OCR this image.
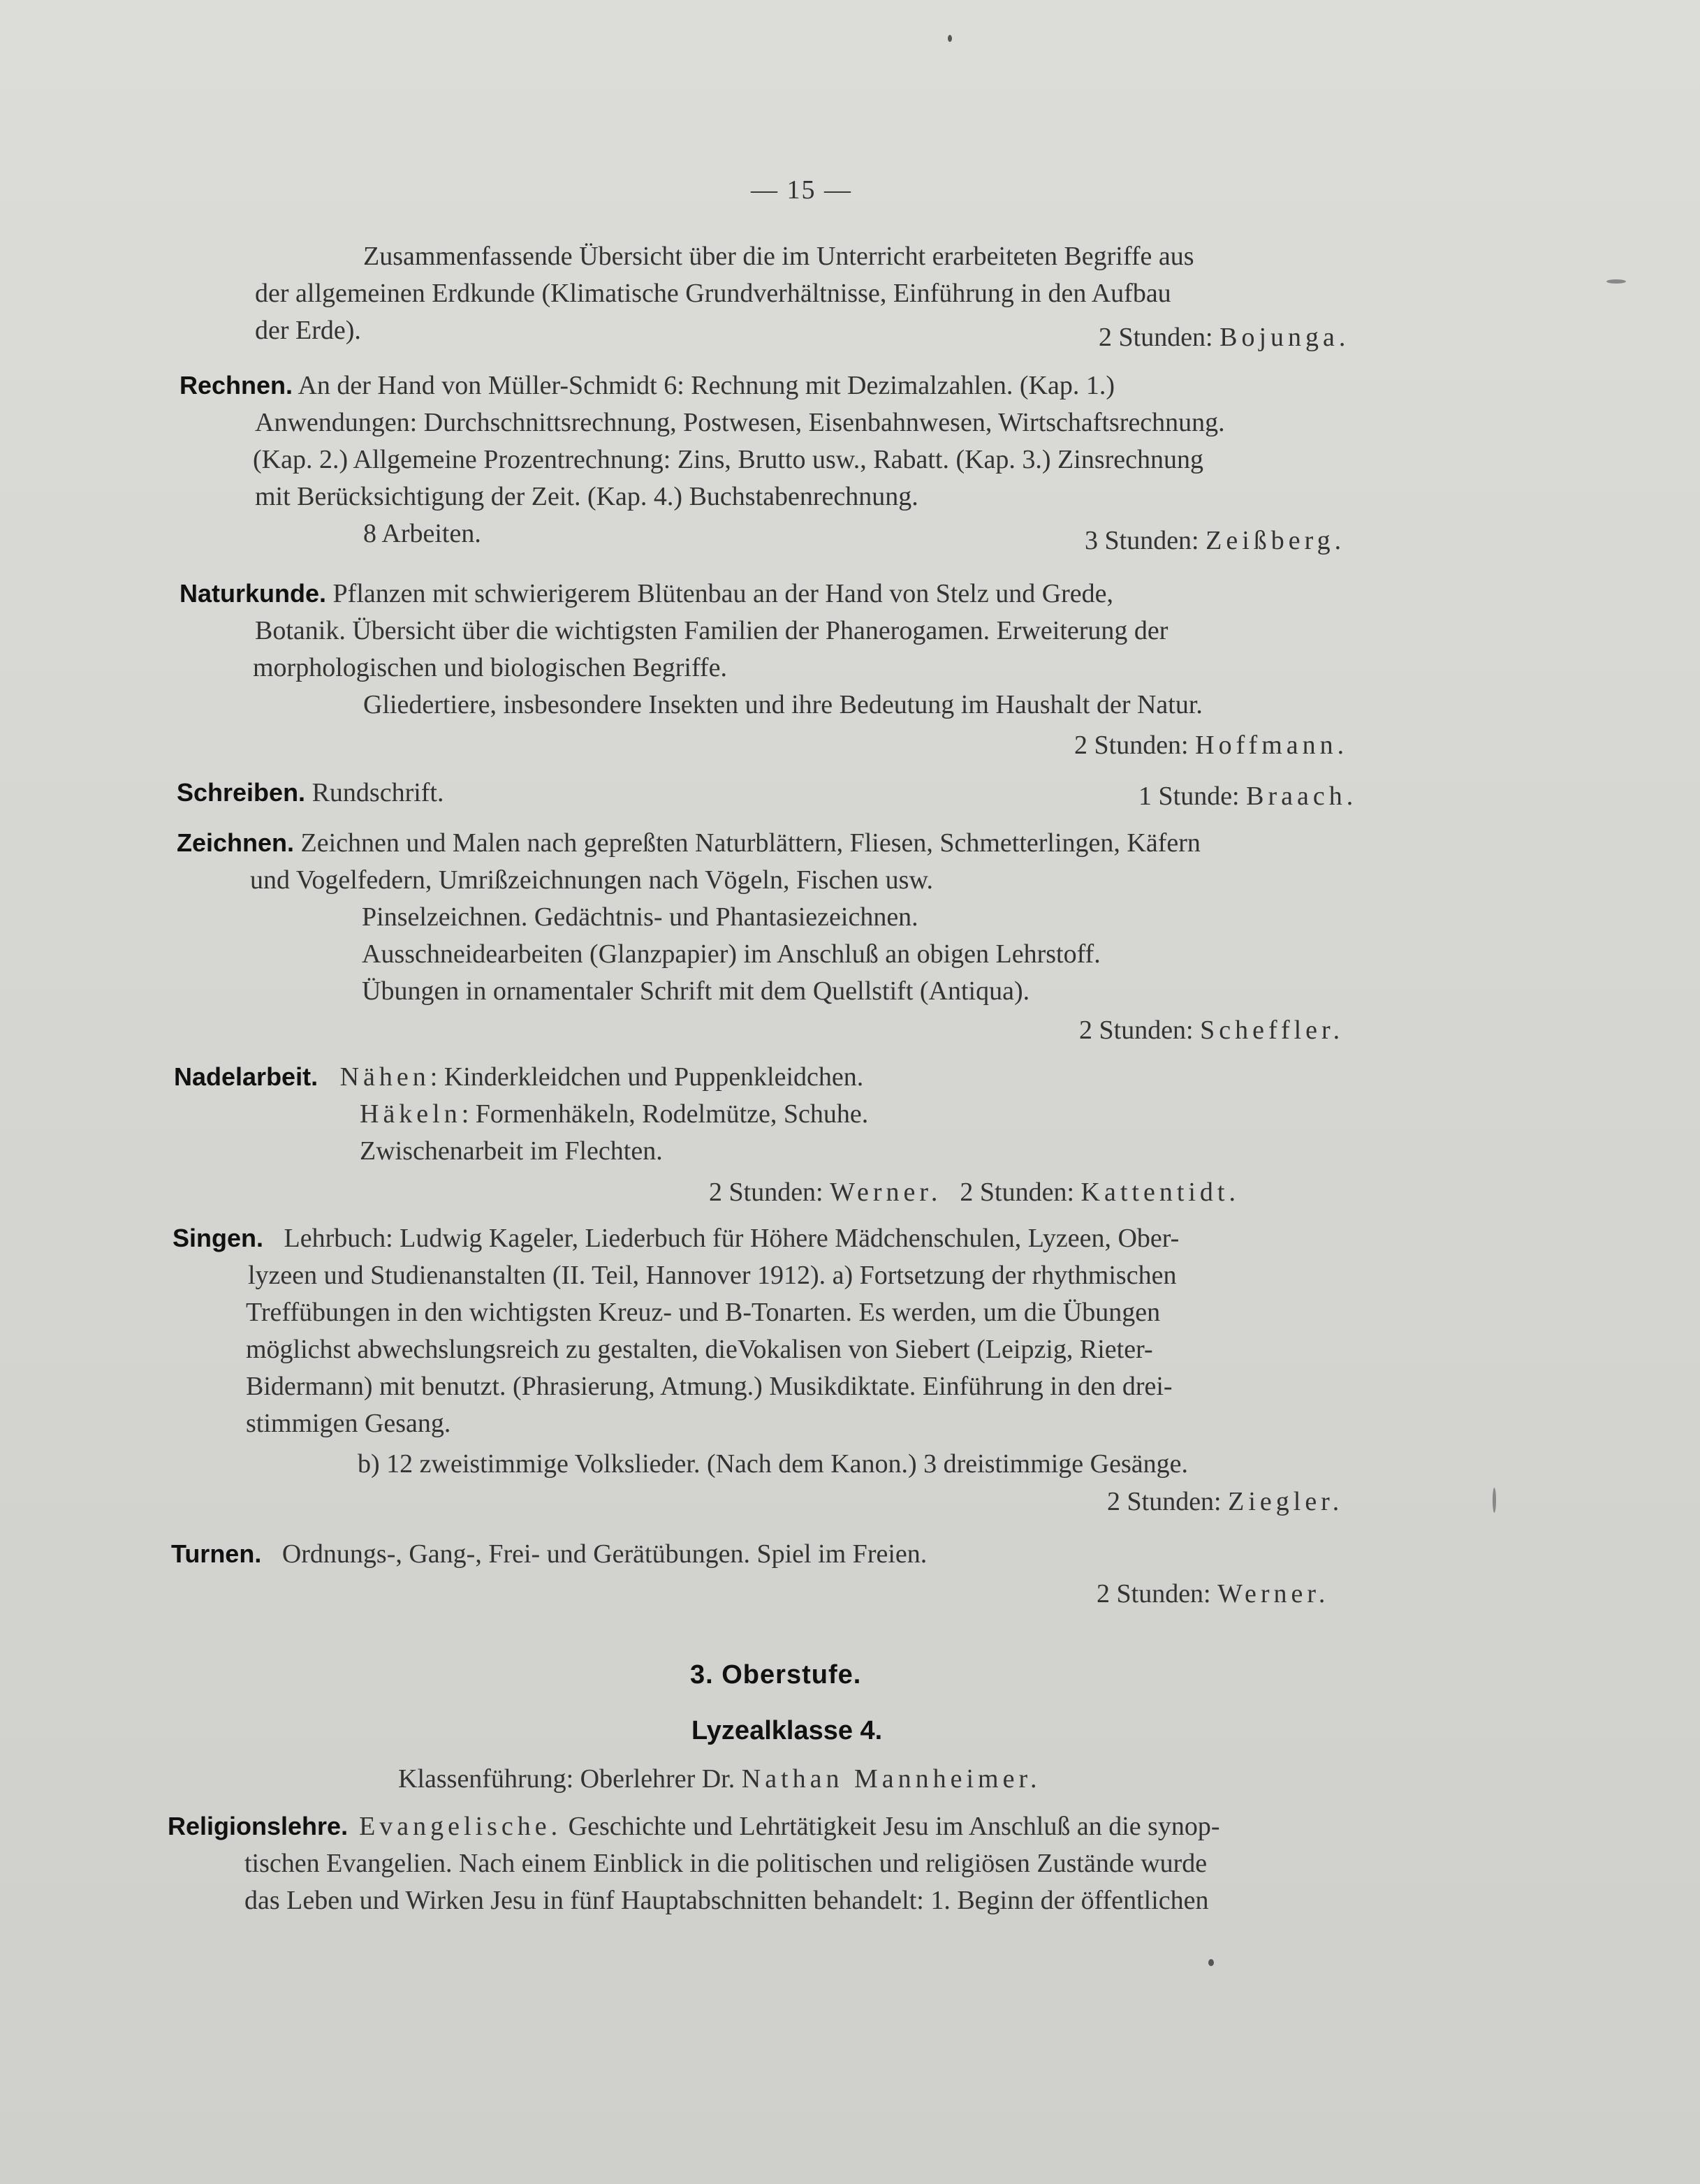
— 15 —
Zusammenfassende Übersicht über die im Unterricht erarbeiteten Begriffe aus
der allgemeinen Erdkunde (Klimatische Grundverhältnisse, Einführung in den Aufbau
der Erde).	2 Stunden: Bojunga.
Rechnen. An der Hand von Müller-Schmidt 6: Rechnung mit Dezimalzahlen. (Kap. 1.)
Anwendungen: Durchschnittsrechnung, Postwesen, Eisenbahnwesen, Wirtschaftsrechnung.
(Kap. 2.) Allgemeine Prozentrechnung: Zins, Brutto usw., Rabatt. (Kap. 3.) Zinsrechnung
mit Berücksichtigung der Zeit. (Kap. 4.) Buchstabenrechnung.
8 Arbeiten.	3 Stunden: Zeißberg.
Naturkunde. Pflanzen mit schwierigerem Blütenbau an der Hand von Stelz und Grede,
Botanik. Übersicht über die wichtigsten Familien der Phanerogamen. Erweiterung der
morphologischen und biologischen Begriffe.
Gliedertiere, insbesondere Insekten und ihre Bedeutung im Haushalt der Natur.
2 Stunden: Hoffmann.
Schreiben. Rundschrift.	1 Stunde: Braach.
Zeichnen. Zeichnen und Malen nach gepreßten Naturblättern, Fliesen, Schmetterlingen, Käfern
und Vogelfedern, Umrißzeichnungen nach Vögeln, Fischen usw.
Pinselzeichnen. Gedächtnis- und Phantasiezeichnen.
Ausschneidearbeiten (Glanzpapier) im Anschluß an obigen Lehrstoff.
Übungen in ornamentaler Schrift mit dem Quellstift (Antiqua).
2 Stunden: Scheffler.
Nadelarbeit. Nähen: Kinderkleidchen und Puppenkleidchen.
Häkeln: Formenhäkeln, Rodelmütze, Schuhe.
Zwischenarbeit im Flechten.
2 Stunden: Werner. 2 Stunden: Kattentidt.
Singen. Lehrbuch: Ludwig Kageler, Liederbuch für Höhere Mädchenschulen, Lyzeen, Ober-
lyzeen und Studienanstalten (II. Teil, Hannover 1912). a) Fortsetzung der rhythmischen
Treffübungen in den wichtigsten Kreuz- und B-Tonarten. Es werden, um die Übungen
möglichst abwechslungsreich zu gestalten, dieVokalisen von Siebert (Leipzig, Rieter-
Bidermann) mit benutzt. (Phrasierung, Atmung.) Musikdiktate. Einführung in den drei-
stimmigen Gesang.
b) 12 zweistimmige Volkslieder. (Nach dem Kanon.) 3 dreistimmige Gesänge.
2 Stunden: Ziegler.
Turnen. Ordnungs-, Gang-, Frei- und Gerätübungen. Spiel im Freien.
2 Stunden: Werner.
3. Oberstufe.
Lyzealklasse 4.
Klassenführung: Oberlehrer Dr. Nathan Mannheimer.
Religionslehre. Evangelische. Geschichte und Lehrtätigkeit Jesu im Anschluß an die synop-
tischen Evangelien. Nach einem Einblick in die politischen und religiösen Zustände wurde
das Leben und Wirken Jesu in fünf Hauptabschnitten behandelt: 1. Beginn der öffentlichen
